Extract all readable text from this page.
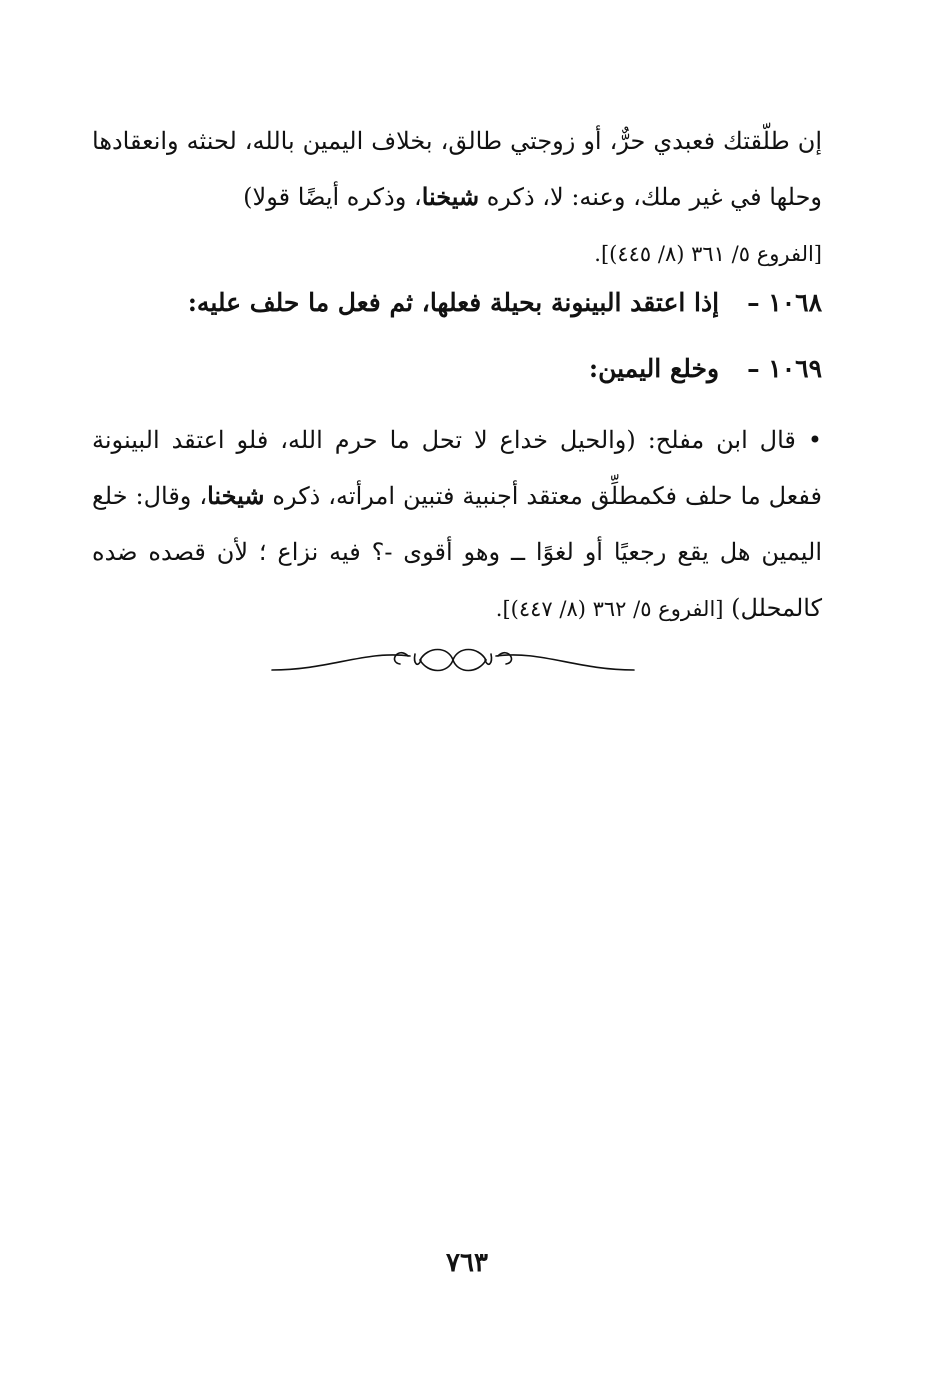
إن طلّقتك فعبدي حرٌّ، أو زوجتي طالق، بخلاف اليمين بالله، لحنثه وانعقادها وحلها في غير ملك، وعنه: لا، ذكره شيخنا، وذكره أيضًا قولا)
[الفروع ٥/ ٣٦١ (٨/ ٤٤٥)].
١٠٦٨ –إذا اعتقد البينونة بحيلة فعلها، ثم فعل ما حلف عليه:
١٠٦٩ –وخلع اليمين:
• قال ابن مفلح: (والحيل خداع لا تحل ما حرم الله، فلو اعتقد البينونة ففعل ما حلف فكمطلِّق معتقد أجنبية فتبين امرأته، ذكره شيخنا، وقال: خلع اليمين هل يقع رجعيًا أو لغوًا ــ وهو أقوى -؟ فيه نزاع ؛ لأن قصده ضده كالمحلل) [الفروع ٥/ ٣٦٢ (٨/ ٤٤٧)].
٧٦٣
